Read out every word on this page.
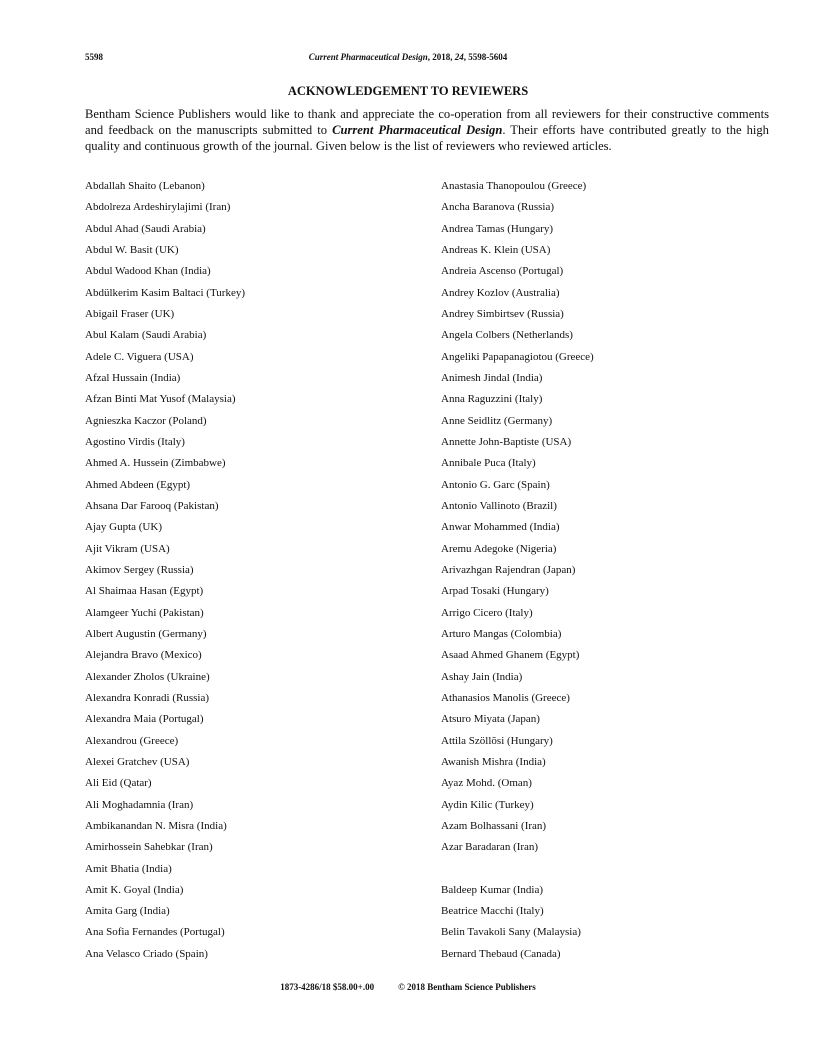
5598	Current Pharmaceutical Design, 2018, 24, 5598-5604
ACKNOWLEDGEMENT TO REVIEWERS
Bentham Science Publishers would like to thank and appreciate the co-operation from all reviewers for their constructive comments and feedback on the manuscripts submitted to Current Pharmaceutical Design. Their efforts have contributed greatly to the high quality and continuous growth of the journal. Given below is the list of reviewers who reviewed articles.
Abdallah Shaito (Lebanon)
Abdolreza Ardeshirylajimi (Iran)
Abdul Ahad (Saudi Arabia)
Abdul W. Basit (UK)
Abdul Wadood Khan (India)
Abdülkerim Kasim Baltaci (Turkey)
Abigail Fraser (UK)
Abul Kalam (Saudi Arabia)
Adele C. Viguera (USA)
Afzal Hussain (India)
Afzan Binti Mat Yusof (Malaysia)
Agnieszka Kaczor (Poland)
Agostino Virdis (Italy)
Ahmed A. Hussein (Zimbabwe)
Ahmed Abdeen (Egypt)
Ahsana Dar Farooq (Pakistan)
Ajay Gupta (UK)
Ajit Vikram (USA)
Akimov Sergey (Russia)
Al Shaimaa Hasan (Egypt)
Alamgeer Yuchi (Pakistan)
Albert Augustin (Germany)
Alejandra Bravo (Mexico)
Alexander Zholos (Ukraine)
Alexandra Konradi (Russia)
Alexandra Maia (Portugal)
Alexandrou (Greece)
Alexei Gratchev (USA)
Ali Eid (Qatar)
Ali Moghadamnia (Iran)
Ambikanandan N. Misra (India)
Amirhossein Sahebkar (Iran)
Amit Bhatia (India)
Amit K. Goyal (India)
Amita Garg (India)
Ana Sofia Fernandes (Portugal)
Ana Velasco Criado (Spain)
Anastasia Thanopoulou (Greece)
Ancha Baranova (Russia)
Andrea Tamas (Hungary)
Andreas K. Klein (USA)
Andreia Ascenso (Portugal)
Andrey Kozlov (Australia)
Andrey Simbirtsev (Russia)
Angela Colbers (Netherlands)
Angeliki Papapanagiotou (Greece)
Animesh Jindal (India)
Anna Raguzzini (Italy)
Anne Seidlitz (Germany)
Annette John-Baptiste (USA)
Annibale Puca (Italy)
Antonio G. Garc (Spain)
Antonio Vallinoto (Brazil)
Anwar Mohammed (India)
Aremu Adegoke (Nigeria)
Arivazhgan Rajendran (Japan)
Arpad Tosaki (Hungary)
Arrigo Cicero (Italy)
Arturo Mangas (Colombia)
Asaad Ahmed Ghanem (Egypt)
Ashay Jain (India)
Athanasios Manolis (Greece)
Atsuro Miyata (Japan)
Attila Szöllõsi (Hungary)
Awanish Mishra (India)
Ayaz Mohd. (Oman)
Aydin Kilic (Turkey)
Azam Bolhassani (Iran)
Azar Baradaran (Iran)
Baldeep Kumar (India)
Beatrice Macchi (Italy)
Belin Tavakoli Sany (Malaysia)
Bernard Thebaud (Canada)
1873-4286/18 $58.00+.00	© 2018 Bentham Science Publishers
